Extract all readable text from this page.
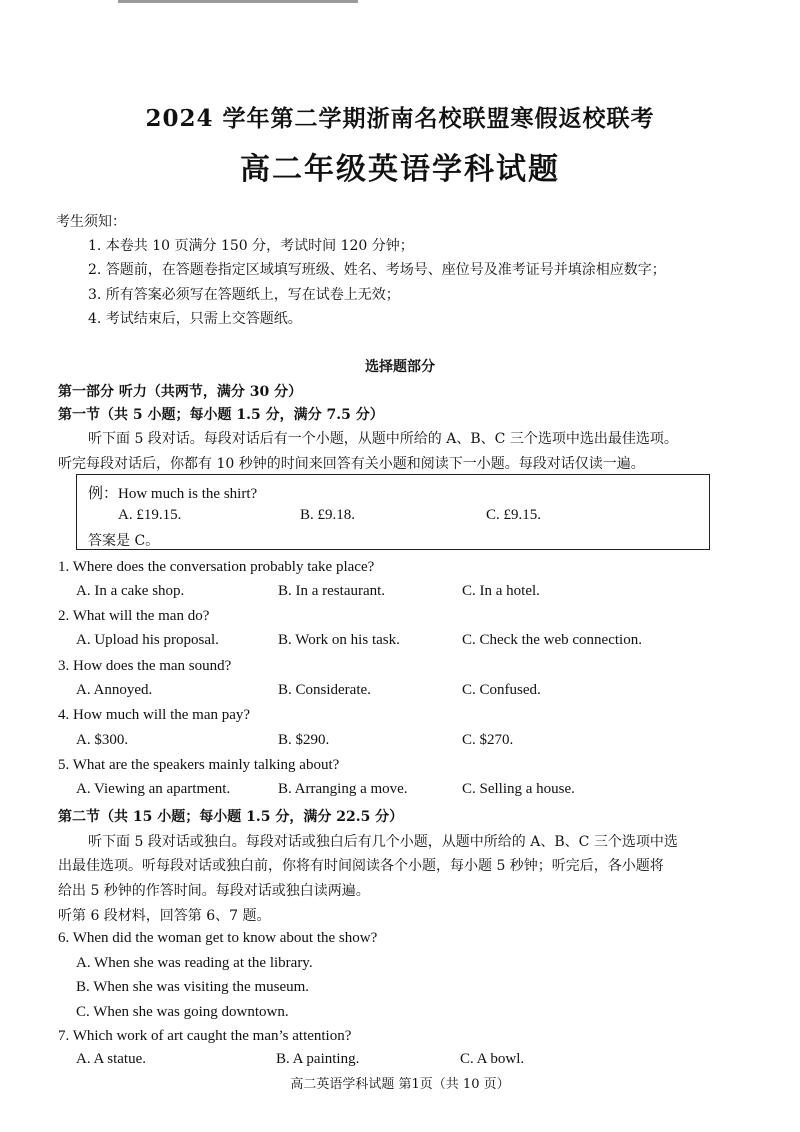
2024 学年第二学期浙南名校联盟寒假返校联考
高二年级英语学科试题
考生须知：
1. 本卷共 10 页满分 150 分，考试时间 120 分钟；
2. 答题前，在答题卷指定区域填写班级、姓名、考场号、座位号及准考证号并填涂相应数字；
3. 所有答案必须写在答题纸上，写在试卷上无效；
4. 考试结束后，只需上交答题纸。
选择题部分
第一部分 听力（共两节，满分 30 分）
第一节（共 5 小题；每小题 1.5 分，满分 7.5 分）
听下面 5 段对话。每段对话后有一个小题，从题中所给的 A、B、C 三个选项中选出最佳选项。
听完每段对话后，你都有 10 秒钟的时间来回答有关小题和阅读下一小题。每段对话仅读一遍。
例：How much is the shirt?
A. £19.15.	B. £9.18.	C. £9.15.
答案是 C。
1. Where does the conversation probably take place?
A. In a cake shop.	B. In a restaurant.	C. In a hotel.
2. What will the man do?
A. Upload his proposal.	B. Work on his task.	C. Check the web connection.
3. How does the man sound?
A. Annoyed.	B. Considerate.	C. Confused.
4. How much will the man pay?
A. $300.	B. $290.	C. $270.
5. What are the speakers mainly talking about?
A. Viewing an apartment.	B. Arranging a move.	C. Selling a house.
第二节（共 15 小题；每小题 1.5 分，满分 22.5 分）
听下面 5 段对话或独白。每段对话或独白后有几个小题，从题中所给的 A、B、C 三个选项中选
出最佳选项。听每段对话或独白前，你将有时间阅读各个小题，每小题 5 秒钟；听完后，各小题将
给出 5 秒钟的作答时间。每段对话或独白读两遍。
听第 6 段材料，回答第 6、7 题。
6. When did the woman get to know about the show?
A. When she was reading at the library.
B. When she was visiting the museum.
C. When she was going downtown.
7. Which work of art caught the man’s attention?
A. A statue.	B. A painting.	C. A bowl.
高二英语学科试题 第1页（共 10 页）
